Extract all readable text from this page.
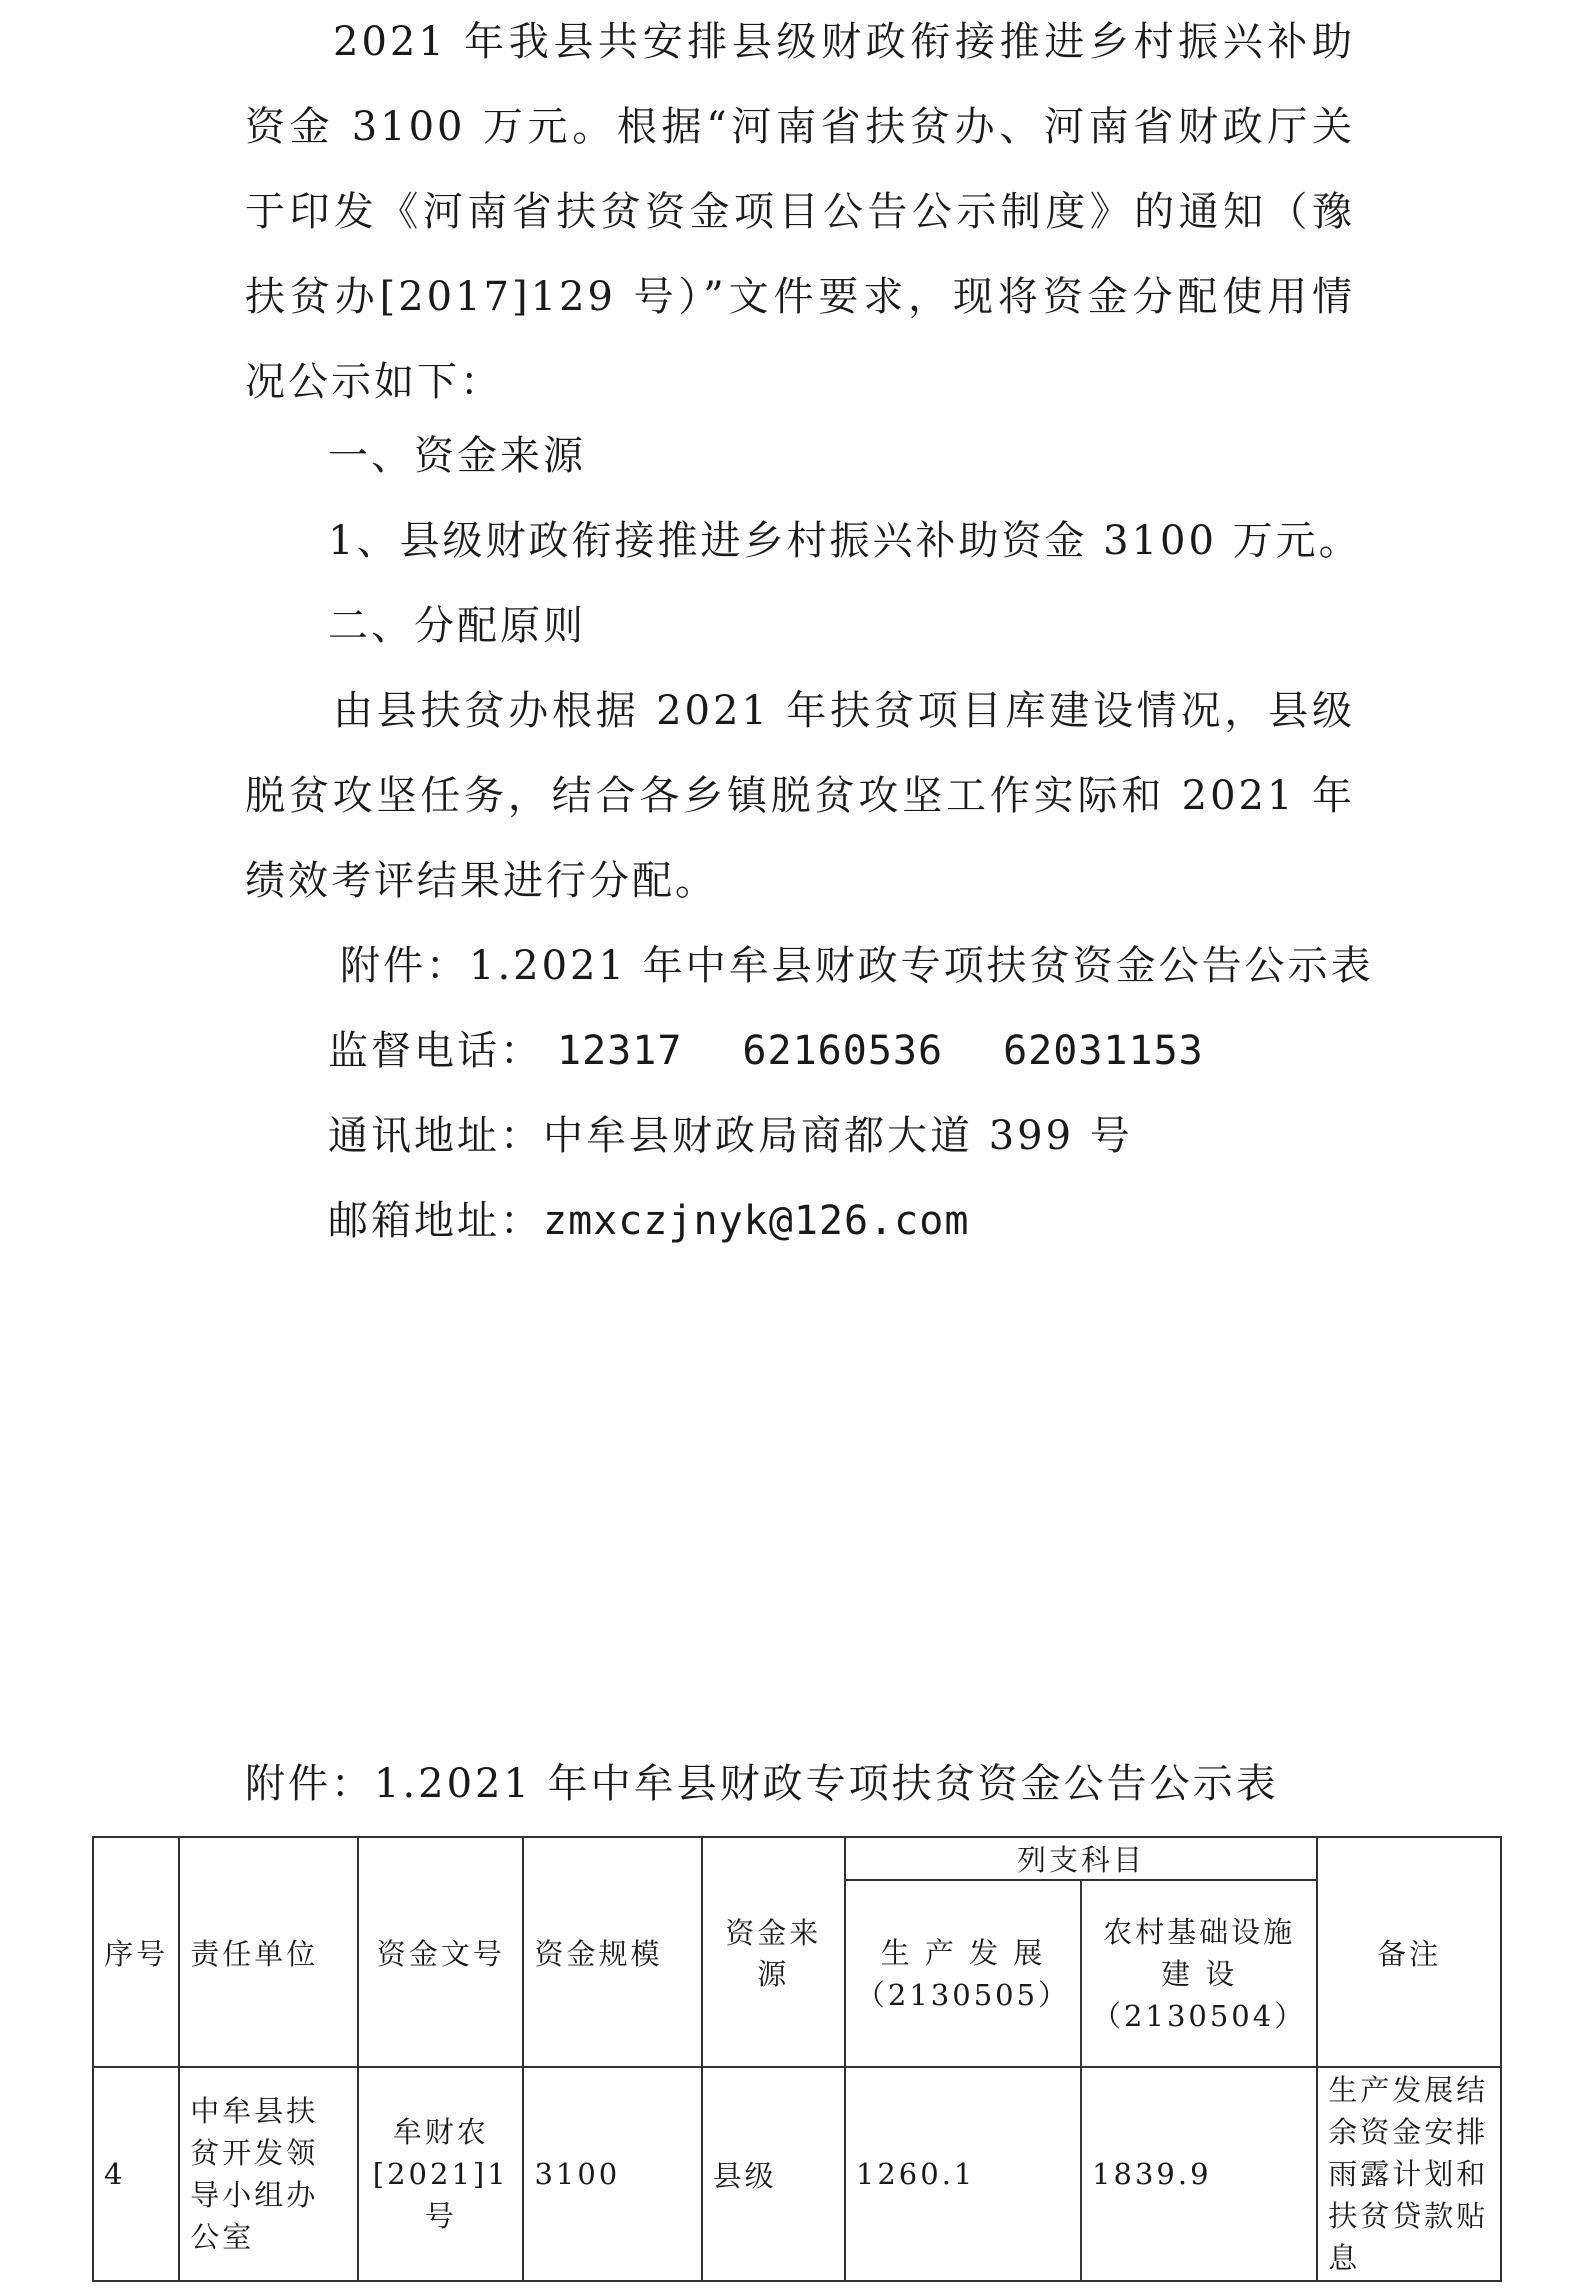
2021 年我县共安排县级财政衔接推进乡村振兴补助资金 3100 万元。根据“河南省扶贫办、河南省财政厅关于印发《河南省扶贫资金项目公告公示制度》的通知（豫扶贫办[2017]129 号）”文件要求，现将资金分配使用情况公示如下：

一、资金来源

1、县级财政衔接推进乡村振兴补助资金 3100 万元。

二、分配原则

由县扶贫办根据 2021 年扶贫项目库建设情况，县级脱贫攻坚任务，结合各乡镇脱贫攻坚工作实际和 2021 年绩效考评结果进行分配。

附件：1.2021 年中牟县财政专项扶贫资金公告公示表

监督电话： 12317 62160536 62031153

通讯地址：中牟县财政局商都大道 399 号

邮箱地址：zmxczjnyk@126.com

附件：1.2021 年中牟县财政专项扶贫资金公告公示表
序号	责任单位	资金文号	资金规模	资金来源	列支科目		备注
					生 产 发 展（2130505）	农村基础设施 建 设（2130504）	
4	中牟县扶贫开发领导小组办公室	牟财农[2021]1号	3100	县级	1260.1	1839.9	生产发展结余资金安排雨露计划和扶贫贷款贴息
